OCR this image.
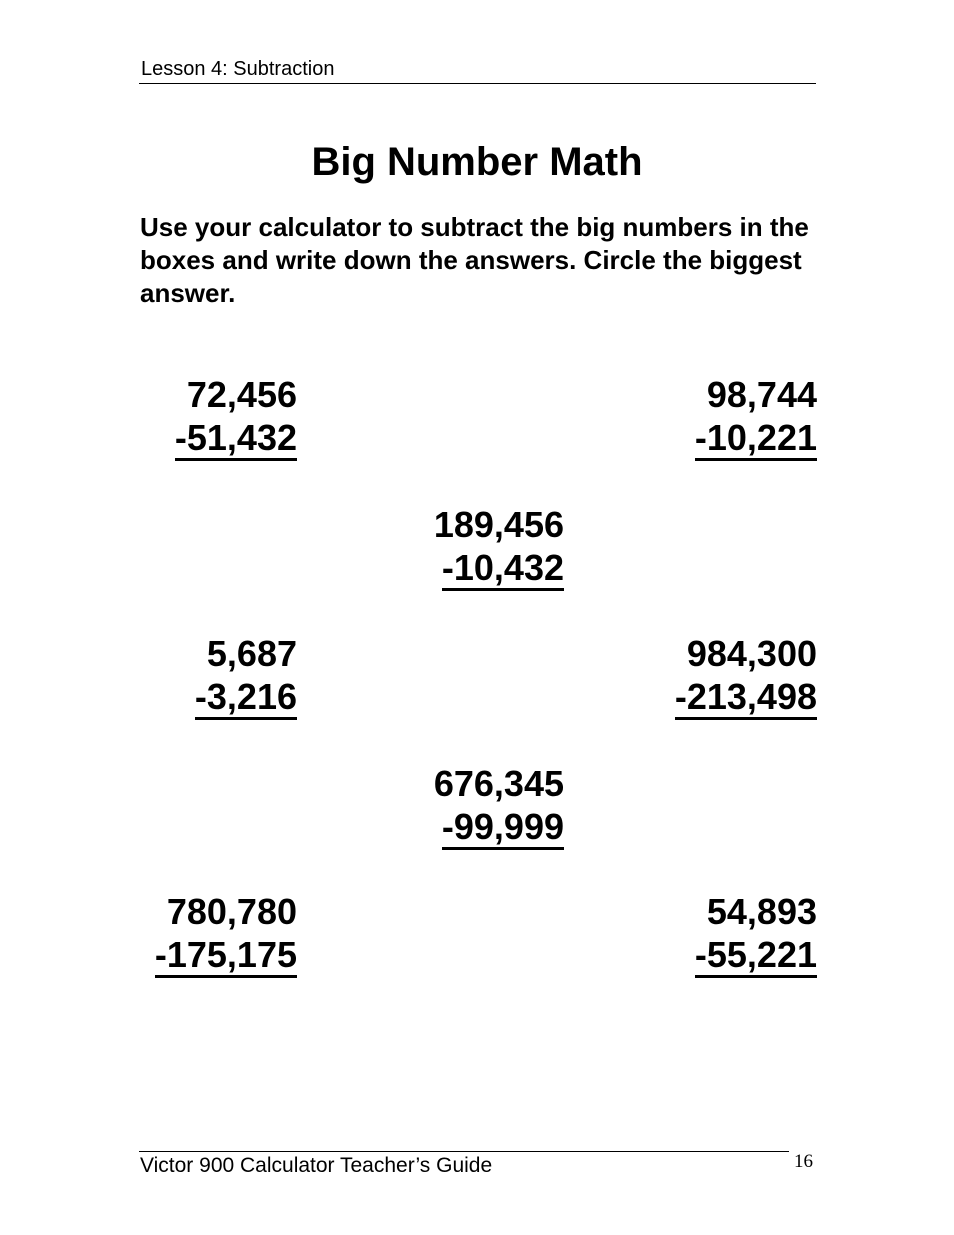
Lesson 4: Subtraction
Big Number Math
Use your calculator to subtract the big numbers in the boxes and write down the answers. Circle the biggest answer.
72,456
-51,432
98,744
-10,221
189,456
-10,432
5,687
-3,216
984,300
-213,498
676,345
-99,999
780,780
-175,175
54,893
-55,221
Victor 900 Calculator Teacher’s Guide	16
